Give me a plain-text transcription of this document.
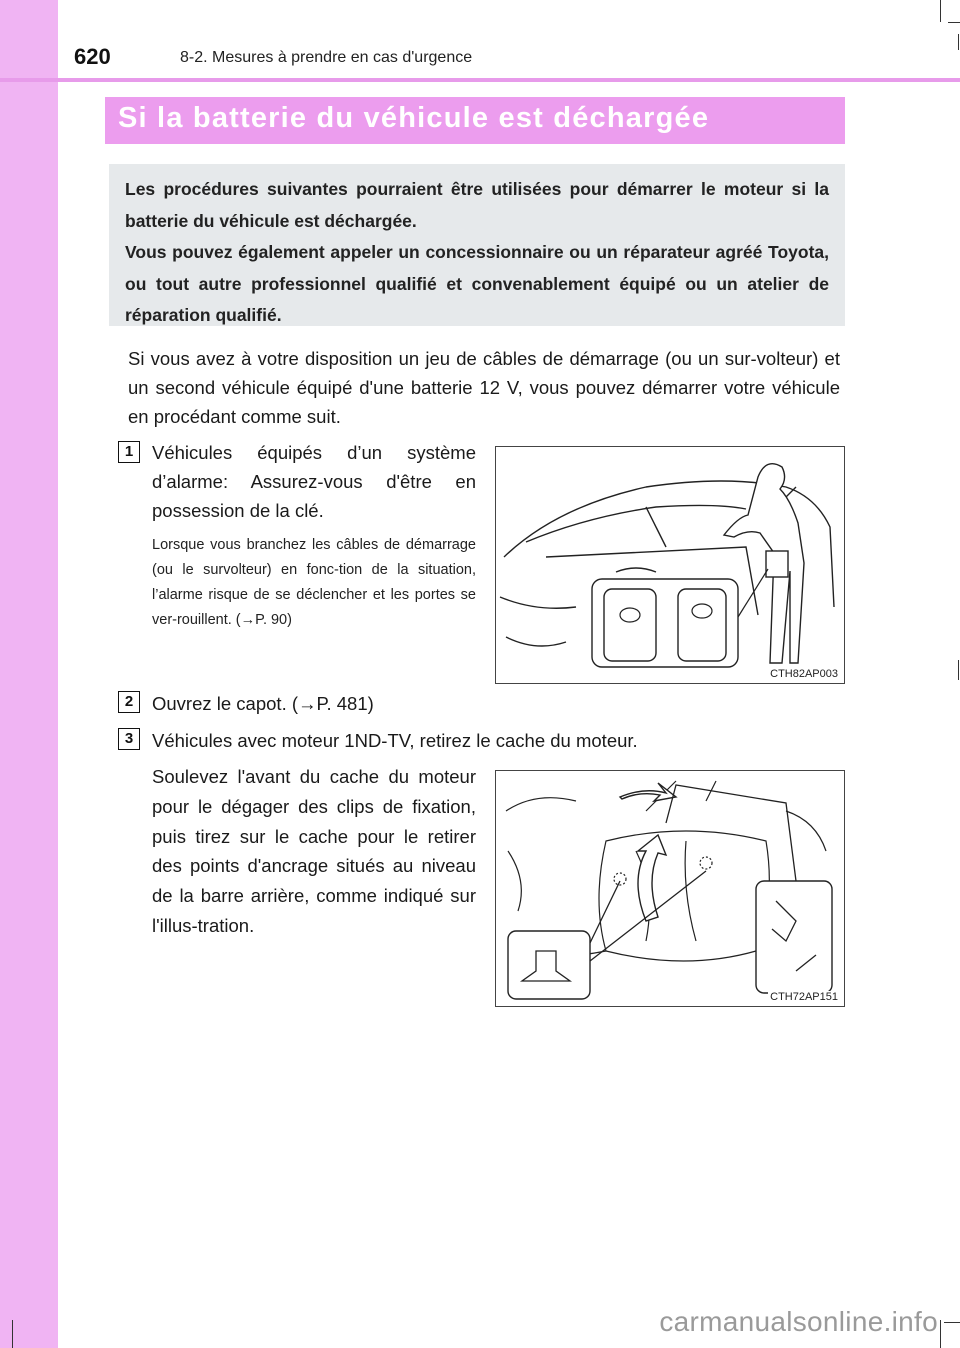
620	8-2. Mesures à prendre en cas d'urgence
Si la batterie du véhicule est déchargée

Les procédures suivantes pourraient être utilisées pour démarrer le moteur si la batterie du véhicule est déchargée.

Vous pouvez également appeler un concessionnaire ou un réparateur agréé Toyota, ou tout autre professionnel qualifié et convenablement équipé ou un atelier de réparation qualifié.

Si vous avez à votre disposition un jeu de câbles de démarrage (ou un sur-volteur) et un second véhicule équipé d'une batterie 12 V, vous pouvez démarrer votre véhicule en procédant comme suit.

1	Véhicules équipés d’un système d’alarme: Assurez-vous d'être en possession de la clé.

Lorsque vous branchez les câbles de démarrage (ou le survolteur) en fonc-tion de la situation, l’alarme risque de se déclencher et les portes se ver-rouillent. (→P. 90)

CTH82AP003
2	Ouvrez le capot. (→P. 481)

3	Véhicules avec moteur 1ND-TV, retirez le cache du moteur.

Soulevez l'avant du cache du moteur pour le dégager des clips de fixation, puis tirez sur le cache pour le retirer des points d'ancrage situés au niveau de la barre arrière, comme indiqué sur l'illus-tration.

CTH72AP151
carmanualsonline.info
